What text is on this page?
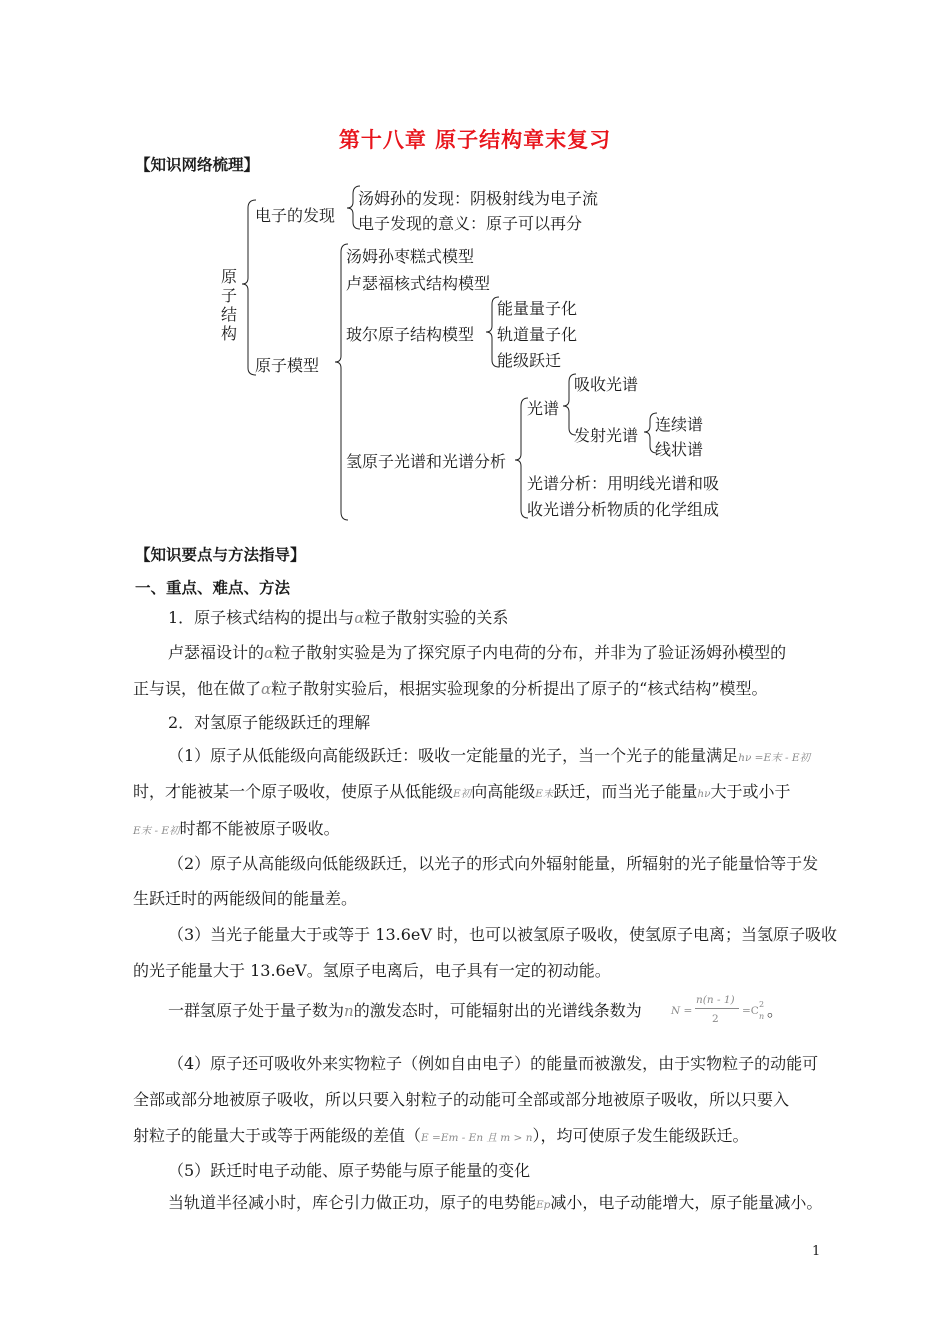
第十八章 原子结构章末复习
【知识网络梳理】
原子结构
电子的发现
汤姆孙的发现：阴极射线为电子流
电子发现的意义：原子可以再分
原子模型
汤姆孙枣糕式模型
卢瑟福核式结构模型
玻尔原子结构模型
能量量子化
轨道量子化
能级跃迁
氢原子光谱和光谱分析
光谱
吸收光谱
发射光谱
连续谱
线状谱
光谱分析：用明线光谱和吸
收光谱分析物质的化学组成
【知识要点与方法指导】
一、重点、难点、方法
1．原子核式结构的提出与α粒子散射实验的关系
卢瑟福设计的α粒子散射实验是为了探究原子内电荷的分布，并非为了验证汤姆孙模型的
正与误，他在做了α粒子散射实验后，根据实验现象的分析提出了原子的“核式结构”模型。
2．对氢原子能级跃迁的理解
（1）原子从低能级向高能级跃迁：吸收一定能量的光子，当一个光子的能量满足hν =E末 - E初
时，才能被某一个原子吸收，使原子从低能级E初向高能级E末跃迁，而当光子能量hν大于或小于
E末 - E初时都不能被原子吸收。
（2）原子从高能级向低能级跃迁，以光子的形式向外辐射能量，所辐射的光子能量恰等于发
生跃迁时的两能级间的能量差。
（3）当光子能量大于或等于 13.6eV 时，也可以被氢原子吸收，使氢原子电离；当氢原子吸收
的光子能量大于 13.6eV。氢原子电离后，电子具有一定的初动能。
一群氢原子处于量子数为n的激发态时，可能辐射出的光谱线条数为	N =
n(n - 1)
2
=C
2
n 。
（4）原子还可吸收外来实物粒子（例如自由电子）的能量而被激发，由于实物粒子的动能可
全部或部分地被原子吸收，所以只要入射粒子的动能可全部或部分地被原子吸收，所以只要入
射粒子的能量大于或等于两能级的差值（E =Em - En 且 m > n），均可使原子发生能级跃迁。
（5）跃迁时电子动能、原子势能与原子能量的变化
当轨道半径减小时，库仑引力做正功，原子的电势能Ep减小，电子动能增大，原子能量减小。
1
